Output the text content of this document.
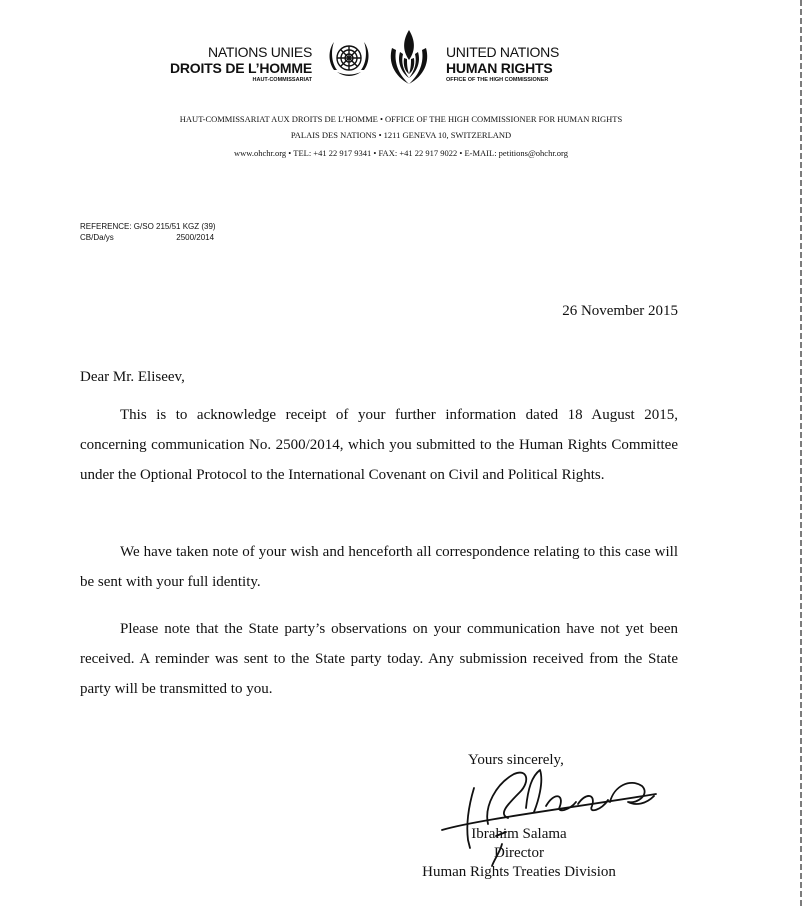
NATIONS UNIES
DROITS DE L’HOMME
HAUT-COMMISSARIAT
UNITED NATIONS
HUMAN RIGHTS
OFFICE OF THE HIGH COMMISSIONER
HAUT-COMMISSARIAT AUX DROITS DE L’HOMME • OFFICE OF THE HIGH COMMISSIONER FOR HUMAN RIGHTS
PALAIS DES NATIONS • 1211 GENEVA 10, SWITZERLAND
www.ohchr.org • TEL: +41 22 917 9341 • FAX: +41 22 917 9022 • E-MAIL: petitions@ohchr.org
REFERENCE: G/SO 215/51 KGZ (39)
CB/Da/ys	2500/2014
26 November 2015
Dear Mr. Eliseev,
This is to acknowledge receipt of your further information dated 18 August 2015, concerning communication No. 2500/2014, which you submitted to the Human Rights Committee under the Optional Protocol to the International Covenant on Civil and Political Rights.
We have taken note of your wish and henceforth all correspondence relating to this case will be sent with your full identity.
Please note that the State party’s observations on your communication have not yet been received. A reminder was sent to the State party today. Any submission received from the State party will be transmitted to you.
Yours sincerely,
Ibrahim Salama
Director
Human Rights Treaties Division
